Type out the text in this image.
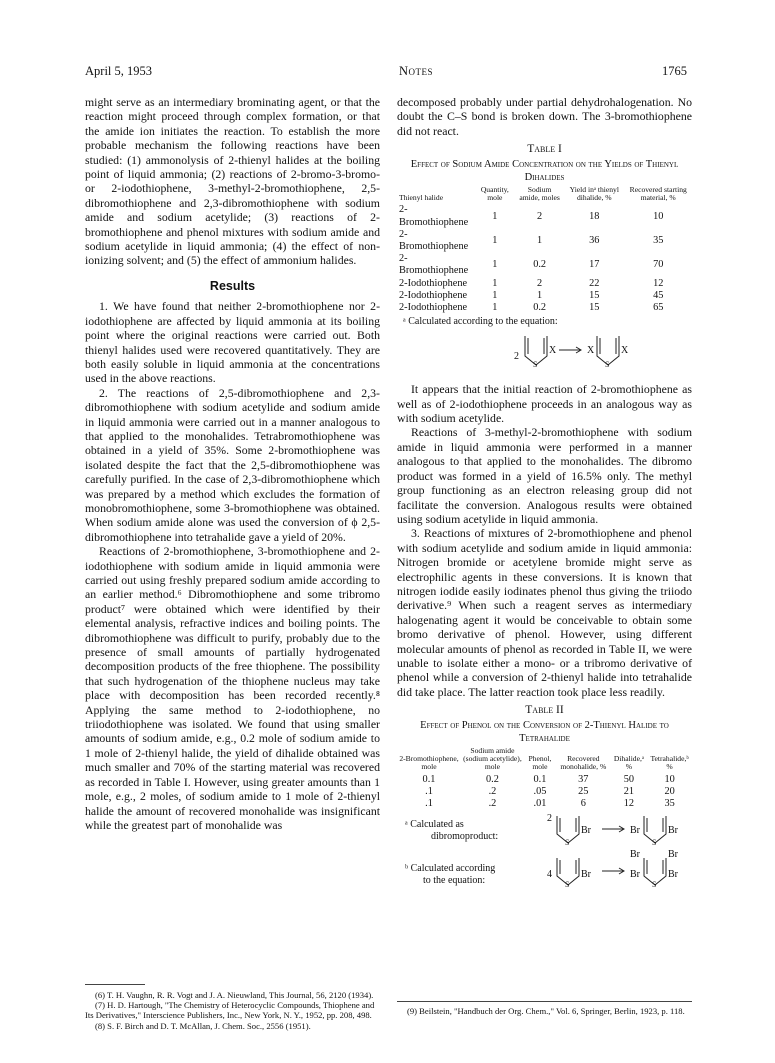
April 5, 1953	Notes	1765

might serve as an intermediary brominating agent, or that the reaction might proceed through complex formation, or that the amide ion initiates the reaction. To establish the more probable mechanism the following reactions have been studied: (1) ammonolysis of 2-thienyl halides at the boiling point of liquid ammonia; (2) reactions of 2-bromo-3-bromo- or 2-iodothiophene, 3-methyl-2-bromothiophene, 2,5-dibromothiophene and 2,3-dibromothiophene with sodium amide and sodium acetylide; (3) reactions of 2-bromothiophene and phenol mixtures with sodium amide and sodium acetylide in liquid ammonia; (4) the effect of non-ionizing solvent; and (5) the effect of ammonium halides.

Results

1. We have found that neither 2-bromothiophene nor 2-iodothiophene are affected by liquid ammonia at its boiling point where the original reactions were carried out. Both thienyl halides used were recovered quantitatively. They are both easily soluble in liquid ammonia at the concentrations used in the above reactions.

2. The reactions of 2,5-dibromothiophene and 2,3-dibromothiophene with sodium acetylide and sodium amide in liquid ammonia were carried out in a manner analogous to that applied to the monohalides. Tetrabromothiophene was obtained in a yield of 35%. Some 2-bromothiophene was isolated despite the fact that the 2,5-dibromothiophene was carefully purified. In the case of 2,3-dibromothiophene which was prepared by a method which excludes the formation of monobromothiophene, some 3-bromothiophene was obtained. When sodium amide alone was used the conversion of ϕ 2,5-dibromothiophene into tetrahalide gave a yield of 20%.

Reactions of 2-bromothiophene, 3-bromothiophene and 2-iodothiophene with sodium amide in liquid ammonia were carried out using freshly prepared sodium amide according to an earlier method.⁶ Dibromothiophene and some tribromo product⁷ were obtained which were identified by their elemental analysis, refractive indices and boiling points. The dibromothiophene was difficult to purify, probably due to the presence of small amounts of partially hydrogenated decomposition products of the free thiophene. The possibility that such hydrogenation of the thiophene nucleus may take place with decomposition has been recorded recently.⁸ Applying the same method to 2-iodothiophene, no triiodothiophene was isolated. We found that using smaller amounts of sodium amide, e.g., 0.2 mole of sodium amide to 1 mole of 2-thienyl halide, the yield of dihalide obtained was much smaller and 70% of the starting material was recovered as recorded in Table I. However, using greater amounts than 1 mole, e.g., 2 moles, of sodium amide to 1 mole of 2-thienyl halide the amount of recovered monohalide was insignificant while the greatest part of monohalide was

(6) T. H. Vaughn, R. R. Vogt and J. A. Nieuwland, This Journal, 56, 2120 (1934).
(7) H. D. Hartough, "The Chemistry of Heterocyclic Compounds, Thiophene and Its Derivatives," Interscience Publishers, Inc., New York, N. Y., 1952, pp. 208, 498.
(8) S. F. Birch and D. T. McAllan, J. Chem. Soc., 2556 (1951).

decomposed probably under partial dehydrohalogenation. No doubt the C–S bond is broken down. The 3-bromothiophene did not react.

Table I
Effect of Sodium Amide Concentration on the Yields of Thienyl Dihalides
Thienyl halide	Quantity, mole	Sodium amide, moles	Yield inᵃ thienyl dihalide, %	Recovered starting material, %
2-Bromothiophene	1	2	18	10
2-Bromothiophene	1	1	36	35
2-Bromothiophene	1	0.2	17	70
2-Iodothiophene	1	2	22	12
2-Iodothiophene	1	1	15	45
2-Iodothiophene	1	0.2	15	65
ᵃ Calculated according to the equation:
2
X	X	X
S	S

It appears that the initial reaction of 2-bromothiophene as well as of 2-iodothiophene proceeds in an analogous way as with sodium acetylide.

Reactions of 3-methyl-2-bromothiophene with sodium amide in liquid ammonia were performed in a manner analogous to that applied to the monohalides. The dibromo product was formed in a yield of 16.5% only. The methyl group functioning as an electron releasing group did not facilitate the conversion. Analogous results were obtained using sodium acetylide in liquid ammonia.

3. Reactions of mixtures of 2-bromothiophene and phenol with sodium acetylide and sodium amide in liquid ammonia: Nitrogen bromide or acetylene bromide might serve as electrophilic agents in these conversions. It is known that nitrogen iodide easily iodinates phenol thus giving the triiodo derivative.⁹ When such a reagent serves as intermediary halogenating agent it would be conceivable to obtain some bromo derivative of phenol. However, using different molecular amounts of phenol as recorded in Table II, we were unable to isolate either a mono- or a tribromo derivative of phenol while a conversion of 2-thienyl halide into tetrahalide did take place. The latter reaction took place less readily.

Table II
Effect of Phenol on the Conversion of 2-Thienyl Halide to Tetrahalide
2-Bromothiophene, mole	Sodium amide (sodium acetylide), mole	Phenol, mole	Recovered monohalide, %	Dihalide,ᵃ %	Tetrahalide,ᵇ %
0.1	0.2	0.1	37	50	10
.1	.2	.05	25	21	20
.1	.2	.01	6	12	35
ᵃ Calculated as
dibromoproduct:
2
Br	Br	Br
S	S
ᵇ Calculated according
to the equation:
4	Br
Br	Br
Br	Br
S	S
(9) Beilstein, "Handbuch der Org. Chem.," Vol. 6, Springer, Berlin, 1923, p. 118.
